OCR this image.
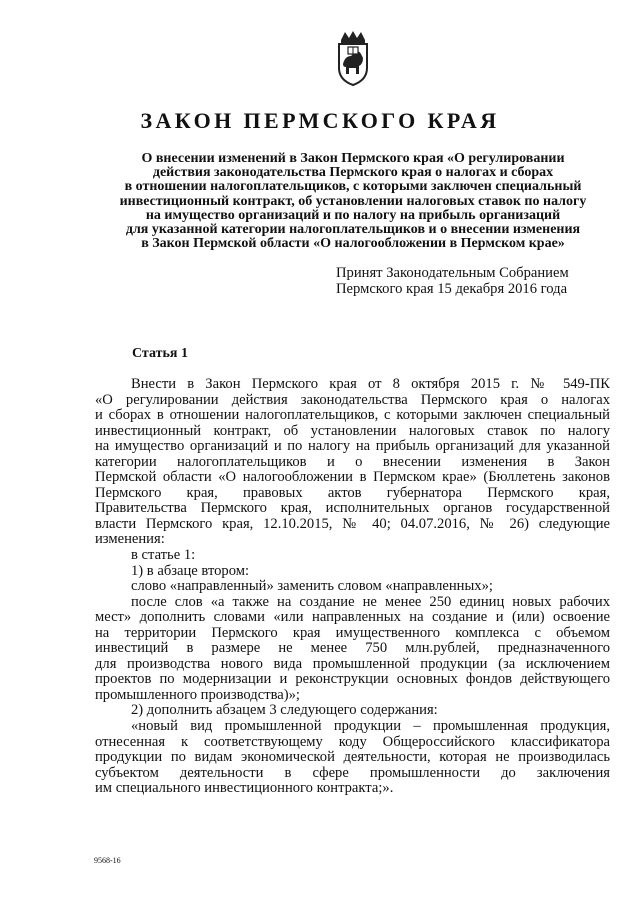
ЗАКОН ПЕРМСКОГО КРАЯ
О внесении изменений в Закон Пермского края «О регулировании
действия законодательства Пермского края о налогах и сборах
в отношении налогоплательщиков, с которыми заключен специальный
инвестиционный контракт, об установлении налоговых ставок по налогу
на имущество организаций и по налогу на прибыль организаций
для указанной категории налогоплательщиков и о внесении изменения
в Закон Пермской области «О налогообложении в Пермском крае»
Принят Законодательным Собранием
Пермского края 15 декабря 2016 года
Статья 1
Внести в Закон Пермского края от 8 октября 2015 г. № 549-ПК
«О регулировании действия законодательства Пермского края о налогах
и сборах в отношении налогоплательщиков, с которыми заключен специальный
инвестиционный контракт, об установлении налоговых ставок по налогу
на имущество организаций и по налогу на прибыль организаций для указанной
категории налогоплательщиков и о внесении изменения в Закон
Пермской области «О налогообложении в Пермском крае» (Бюллетень законов
Пермского края, правовых актов губернатора Пермского края,
Правительства Пермского края, исполнительных органов государственной
власти Пермского края, 12.10.2015, № 40; 04.07.2016, № 26) следующие
изменения:
в статье 1:
1) в абзаце втором:
слово «направленный» заменить словом «направленных»;
после слов «а также на создание не менее 250 единиц новых рабочих
мест» дополнить словами «или направленных на создание и (или) освоение
на территории Пермского края имущественного комплекса с объемом
инвестиций в размере не менее 750 млн.рублей, предназначенного
для производства нового вида промышленной продукции (за исключением
проектов по модернизации и реконструкции основных фондов действующего
промышленного производства)»;
2) дополнить абзацем 3 следующего содержания:
«новый вид промышленной продукции – промышленная продукция,
отнесенная к соответствующему коду Общероссийского классификатора
продукции по видам экономической деятельности, которая не производилась
субъектом деятельности в сфере промышленности до заключения
им специального инвестиционного контракта;».
9568-16
